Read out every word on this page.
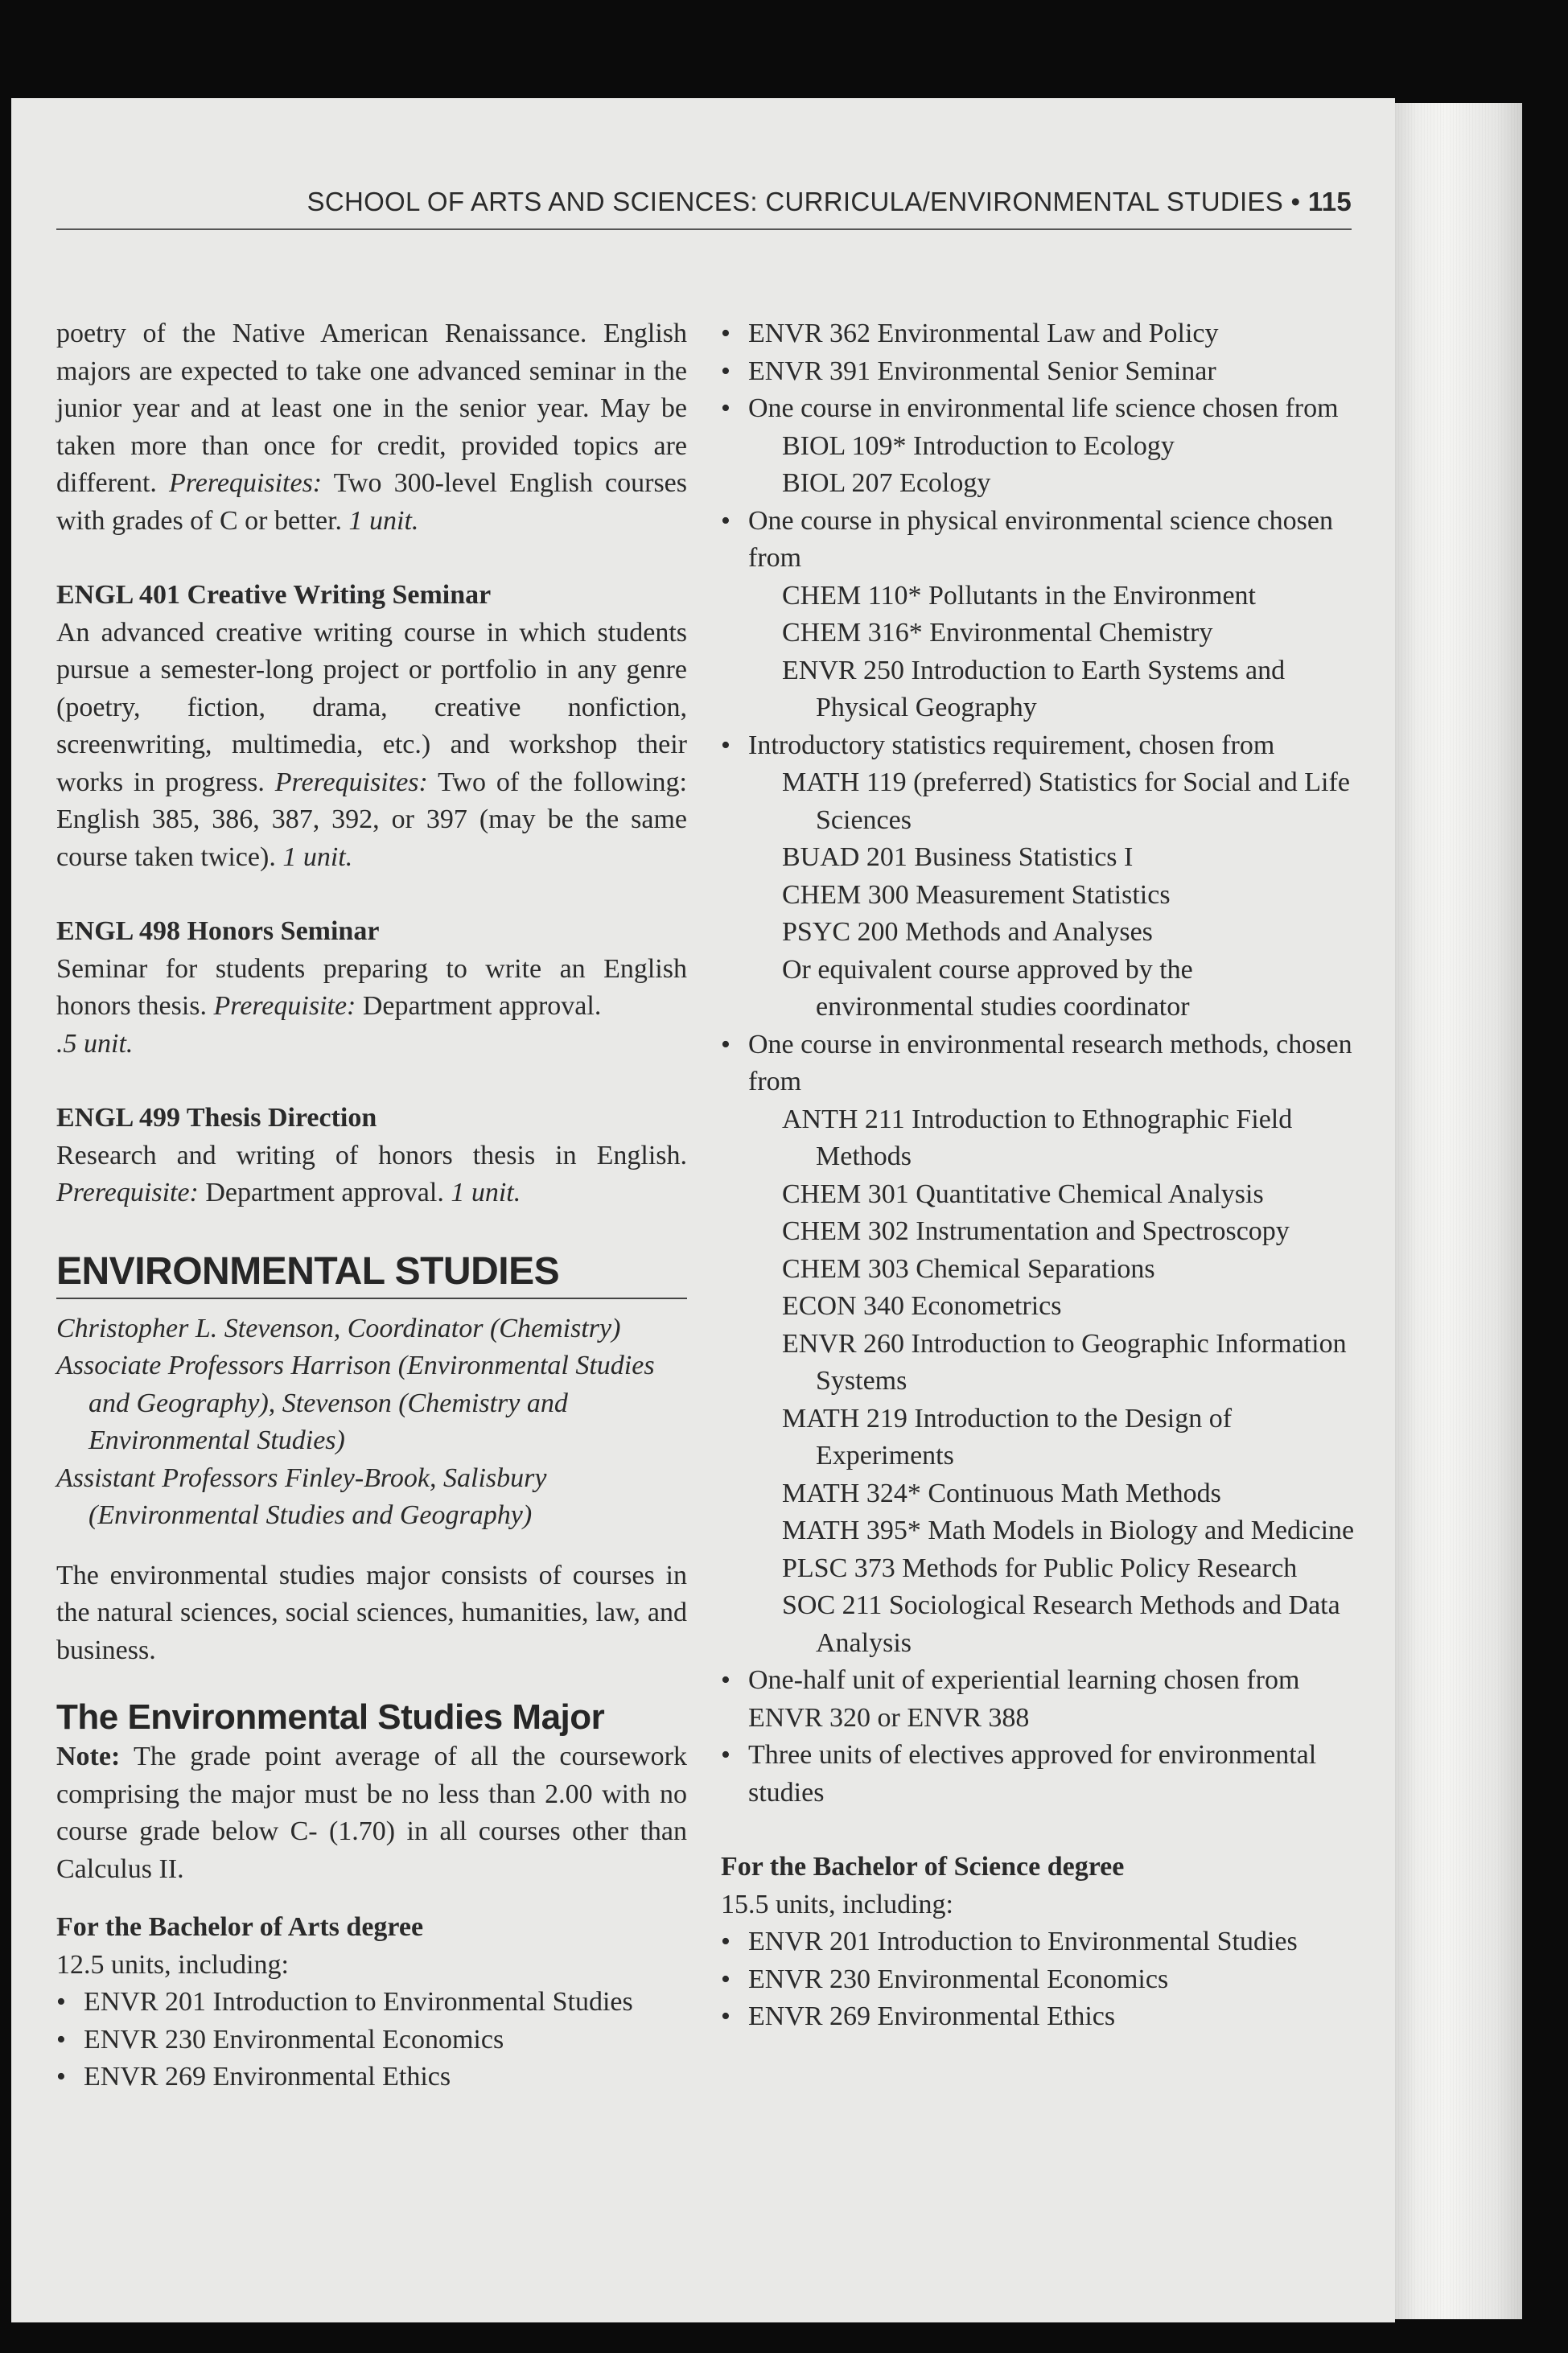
SCHOOL OF ARTS AND SCIENCES: CURRICULA/ENVIRONMENTAL STUDIES • 115

poetry of the Native American Renaissance. English majors are expected to take one advanced seminar in the junior year and at least one in the senior year. May be taken more than once for credit, provided topics are different. Prerequisites: Two 300-level English courses with grades of C or better. 1 unit.

ENGL 401 Creative Writing Seminar

An advanced creative writing course in which students pursue a semester-long project or portfolio in any genre (poetry, fiction, drama, creative nonfiction, screenwriting, multimedia, etc.) and workshop their works in progress. Prerequisites: Two of the following: English 385, 386, 387, 392, or 397 (may be the same course taken twice). 1 unit.

ENGL 498 Honors Seminar

Seminar for students preparing to write an English honors thesis. Prerequisite: Department approval.
.5 unit.

ENGL 499 Thesis Direction

Research and writing of honors thesis in English. Prerequisite: Department approval. 1 unit.

ENVIRONMENTAL STUDIES

Christopher L. Stevenson, Coordinator (Chemistry)

Associate Professors Harrison (Environmental Studies and Geography), Stevenson (Chemistry and Environmental Studies)

Assistant Professors Finley-Brook, Salisbury (Environmental Studies and Geography)

The environmental studies major consists of courses in the natural sciences, social sciences, humanities, law, and business.

The Environmental Studies Major

Note: The grade point average of all the coursework comprising the major must be no less than 2.00 with no course grade below C- (1.70) in all courses other than Calculus II.

For the Bachelor of Arts degree

12.5 units, including:

• ENVR 201 Introduction to Environmental Studies
• ENVR 230 Environmental Economics
• ENVR 269 Environmental Ethics
• ENVR 362 Environmental Law and Policy
• ENVR 391 Environmental Senior Seminar
• One course in environmental life science chosen from
BIOL 109* Introduction to Ecology
BIOL 207 Ecology
• One course in physical environmental science chosen from
CHEM 110* Pollutants in the Environment
CHEM 316* Environmental Chemistry
ENVR 250 Introduction to Earth Systems and Physical Geography
• Introductory statistics requirement, chosen from
MATH 119 (preferred) Statistics for Social and Life Sciences
BUAD 201 Business Statistics I
CHEM 300 Measurement Statistics
PSYC 200 Methods and Analyses
Or equivalent course approved by the environmental studies coordinator
• One course in environmental research methods, chosen from
ANTH 211 Introduction to Ethnographic Field Methods
CHEM 301 Quantitative Chemical Analysis
CHEM 302 Instrumentation and Spectroscopy
CHEM 303 Chemical Separations
ECON 340 Econometrics
ENVR 260 Introduction to Geographic Information Systems
MATH 219 Introduction to the Design of Experiments
MATH 324* Continuous Math Methods
MATH 395* Math Models in Biology and Medicine
PLSC 373 Methods for Public Policy Research
SOC 211 Sociological Research Methods and Data Analysis
• One-half unit of experiential learning chosen from ENVR 320 or ENVR 388
• Three units of electives approved for environmental studies

For the Bachelor of Science degree

15.5 units, including:

• ENVR 201 Introduction to Environmental Studies
• ENVR 230 Environmental Economics
• ENVR 269 Environmental Ethics
